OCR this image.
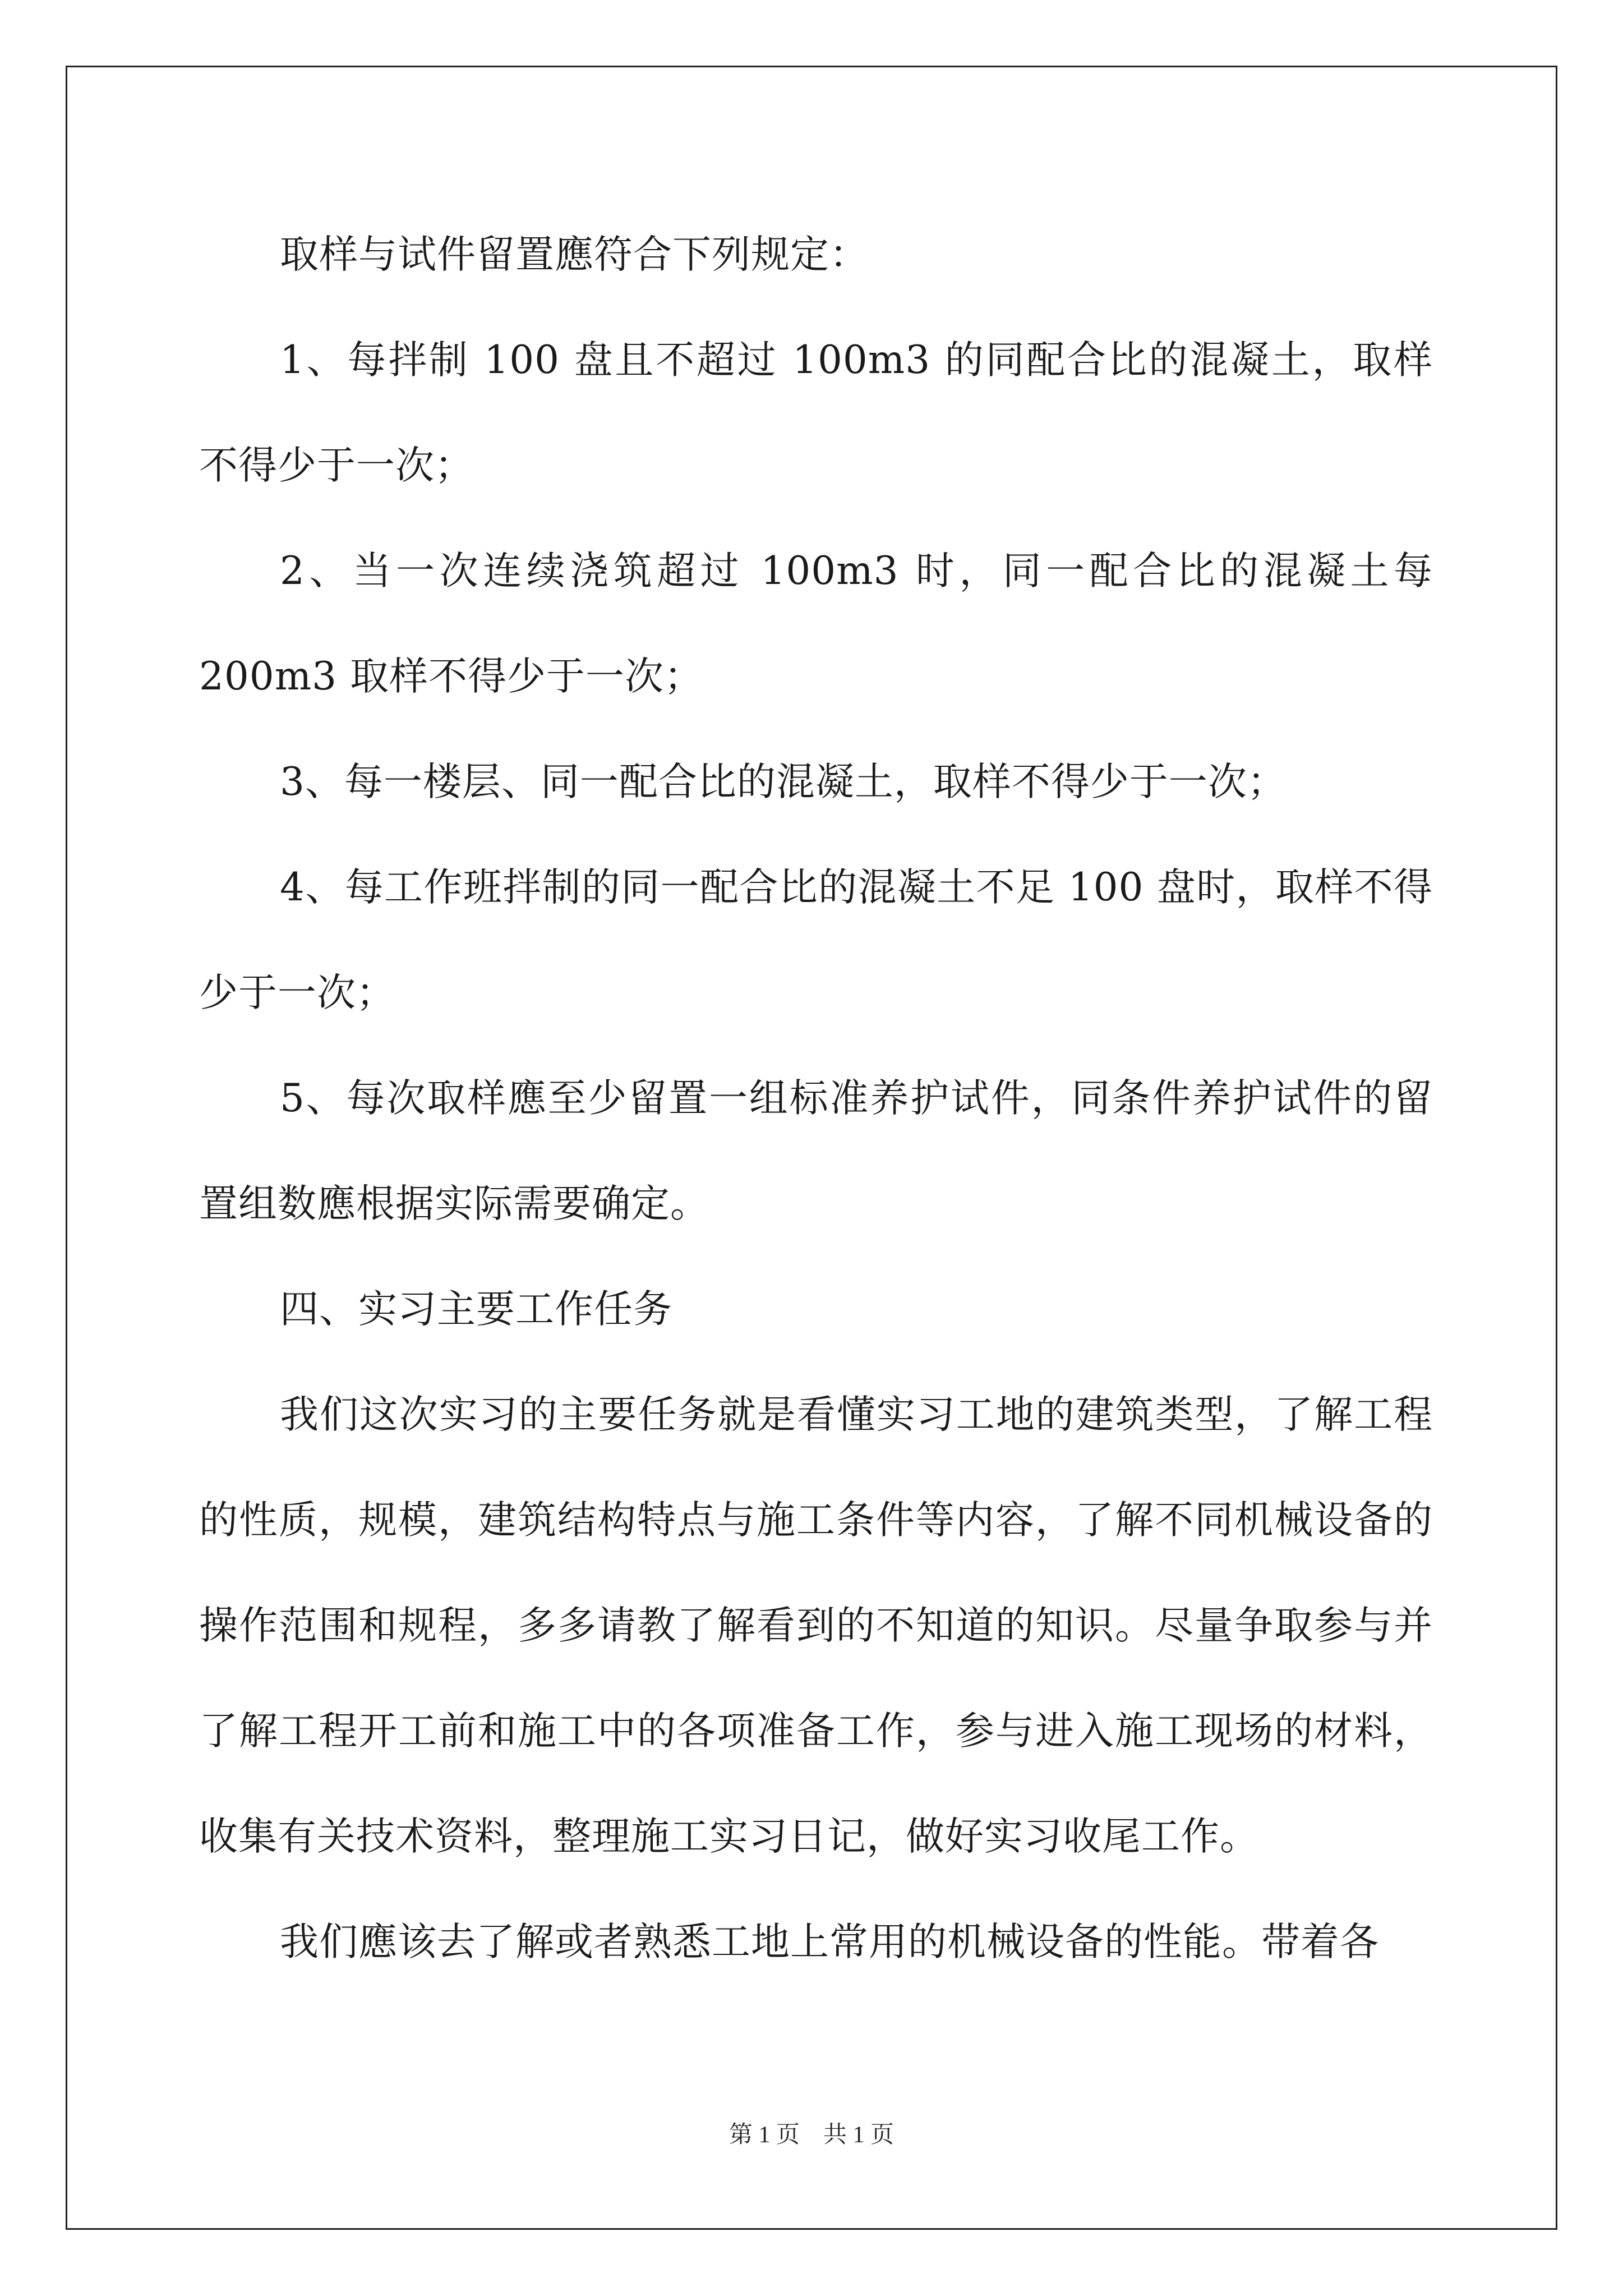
取样与试件留置應符合下列规定：

1、每拌制 100 盘且不超过 100m3 的同配合比的混凝土，取样不得少于一次；

2、当一次连续浇筑超过 100m3 时，同一配合比的混凝土每 200m3 取样不得少于一次；

3、每一楼层、同一配合比的混凝土，取样不得少于一次；

4、每工作班拌制的同一配合比的混凝土不足 100 盘时，取样不得少于一次；

5、每次取样應至少留置一组标准养护试件，同条件养护试件的留置组数應根据实际需要确定。

四、实习主要工作任务

我们这次实习的主要任务就是看懂实习工地的建筑类型，了解工程的性质，规模，建筑结构特点与施工条件等内容，了解不同机械设备的操作范围和规程，多多请教了解看到的不知道的知识。尽量争取参与并了解工程开工前和施工中的各项准备工作，参与进入施工现场的材料，收集有关技术资料，整理施工实习日记，做好实习收尾工作。

我们應该去了解或者熟悉工地上常用的机械设备的性能。带着各

第 1 页    共 1 页
